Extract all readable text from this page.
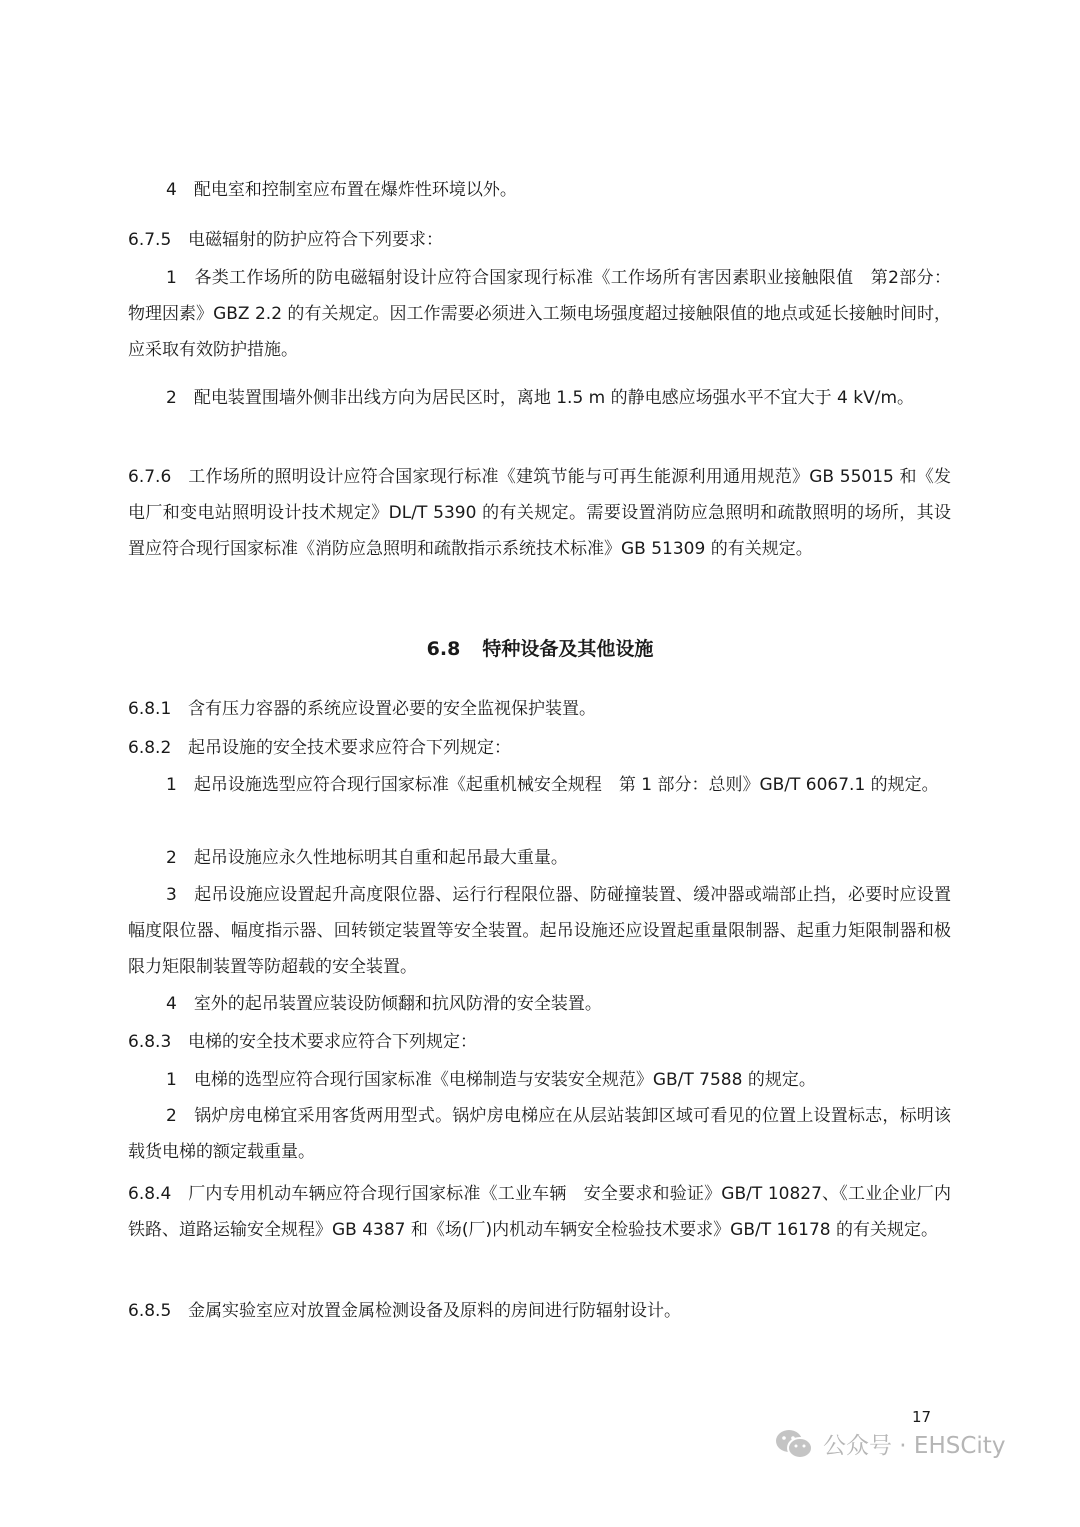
4　配电室和控制室应布置在爆炸性环境以外。

6.7.5 电磁辐射的防护应符合下列要求：

1　各类工作场所的防电磁辐射设计应符合国家现行标准《工作场所有害因素职业接触限值　第2部分：物理因素》GBZ 2.2 的有关规定。因工作需要必须进入工频电场强度超过接触限值的地点或延长接触时间时，应采取有效防护措施。

2　配电装置围墙外侧非出线方向为居民区时，离地 1.5 m 的静电感应场强水平不宜大于 4 kV/m。

6.7.6 工作场所的照明设计应符合国家现行标准《建筑节能与可再生能源利用通用规范》GB 55015 和《发电厂和变电站照明设计技术规定》DL/T 5390 的有关规定。需要设置消防应急照明和疏散照明的场所，其设置应符合现行国家标准《消防应急照明和疏散指示系统技术标准》GB 51309 的有关规定。

6.8 特种设备及其他设施

6.8.1 含有压力容器的系统应设置必要的安全监视保护装置。

6.8.2 起吊设施的安全技术要求应符合下列规定：

1　起吊设施选型应符合现行国家标准《起重机械安全规程　第 1 部分：总则》GB/T 6067.1 的规定。

2　起吊设施应永久性地标明其自重和起吊最大重量。

3　起吊设施应设置起升高度限位器、运行行程限位器、防碰撞装置、缓冲器或端部止挡，必要时应设置幅度限位器、幅度指示器、回转锁定装置等安全装置。起吊设施还应设置起重量限制器、起重力矩限制器和极限力矩限制装置等防超载的安全装置。

4　室外的起吊装置应装设防倾翻和抗风防滑的安全装置。

6.8.3 电梯的安全技术要求应符合下列规定：

1　电梯的选型应符合现行国家标准《电梯制造与安装安全规范》GB/T 7588 的规定。

2　锅炉房电梯宜采用客货两用型式。锅炉房电梯应在从层站装卸区域可看见的位置上设置标志，标明该载货电梯的额定载重量。

6.8.4 厂内专用机动车辆应符合现行国家标准《工业车辆　安全要求和验证》GB/T 10827、《工业企业厂内铁路、道路运输安全规程》GB 4387 和《场(厂)内机动车辆安全检验技术要求》GB/T 16178 的有关规定。

6.8.5 金属实验室应对放置金属检测设备及原料的房间进行防辐射设计。

17
公众号 · EHSCity
